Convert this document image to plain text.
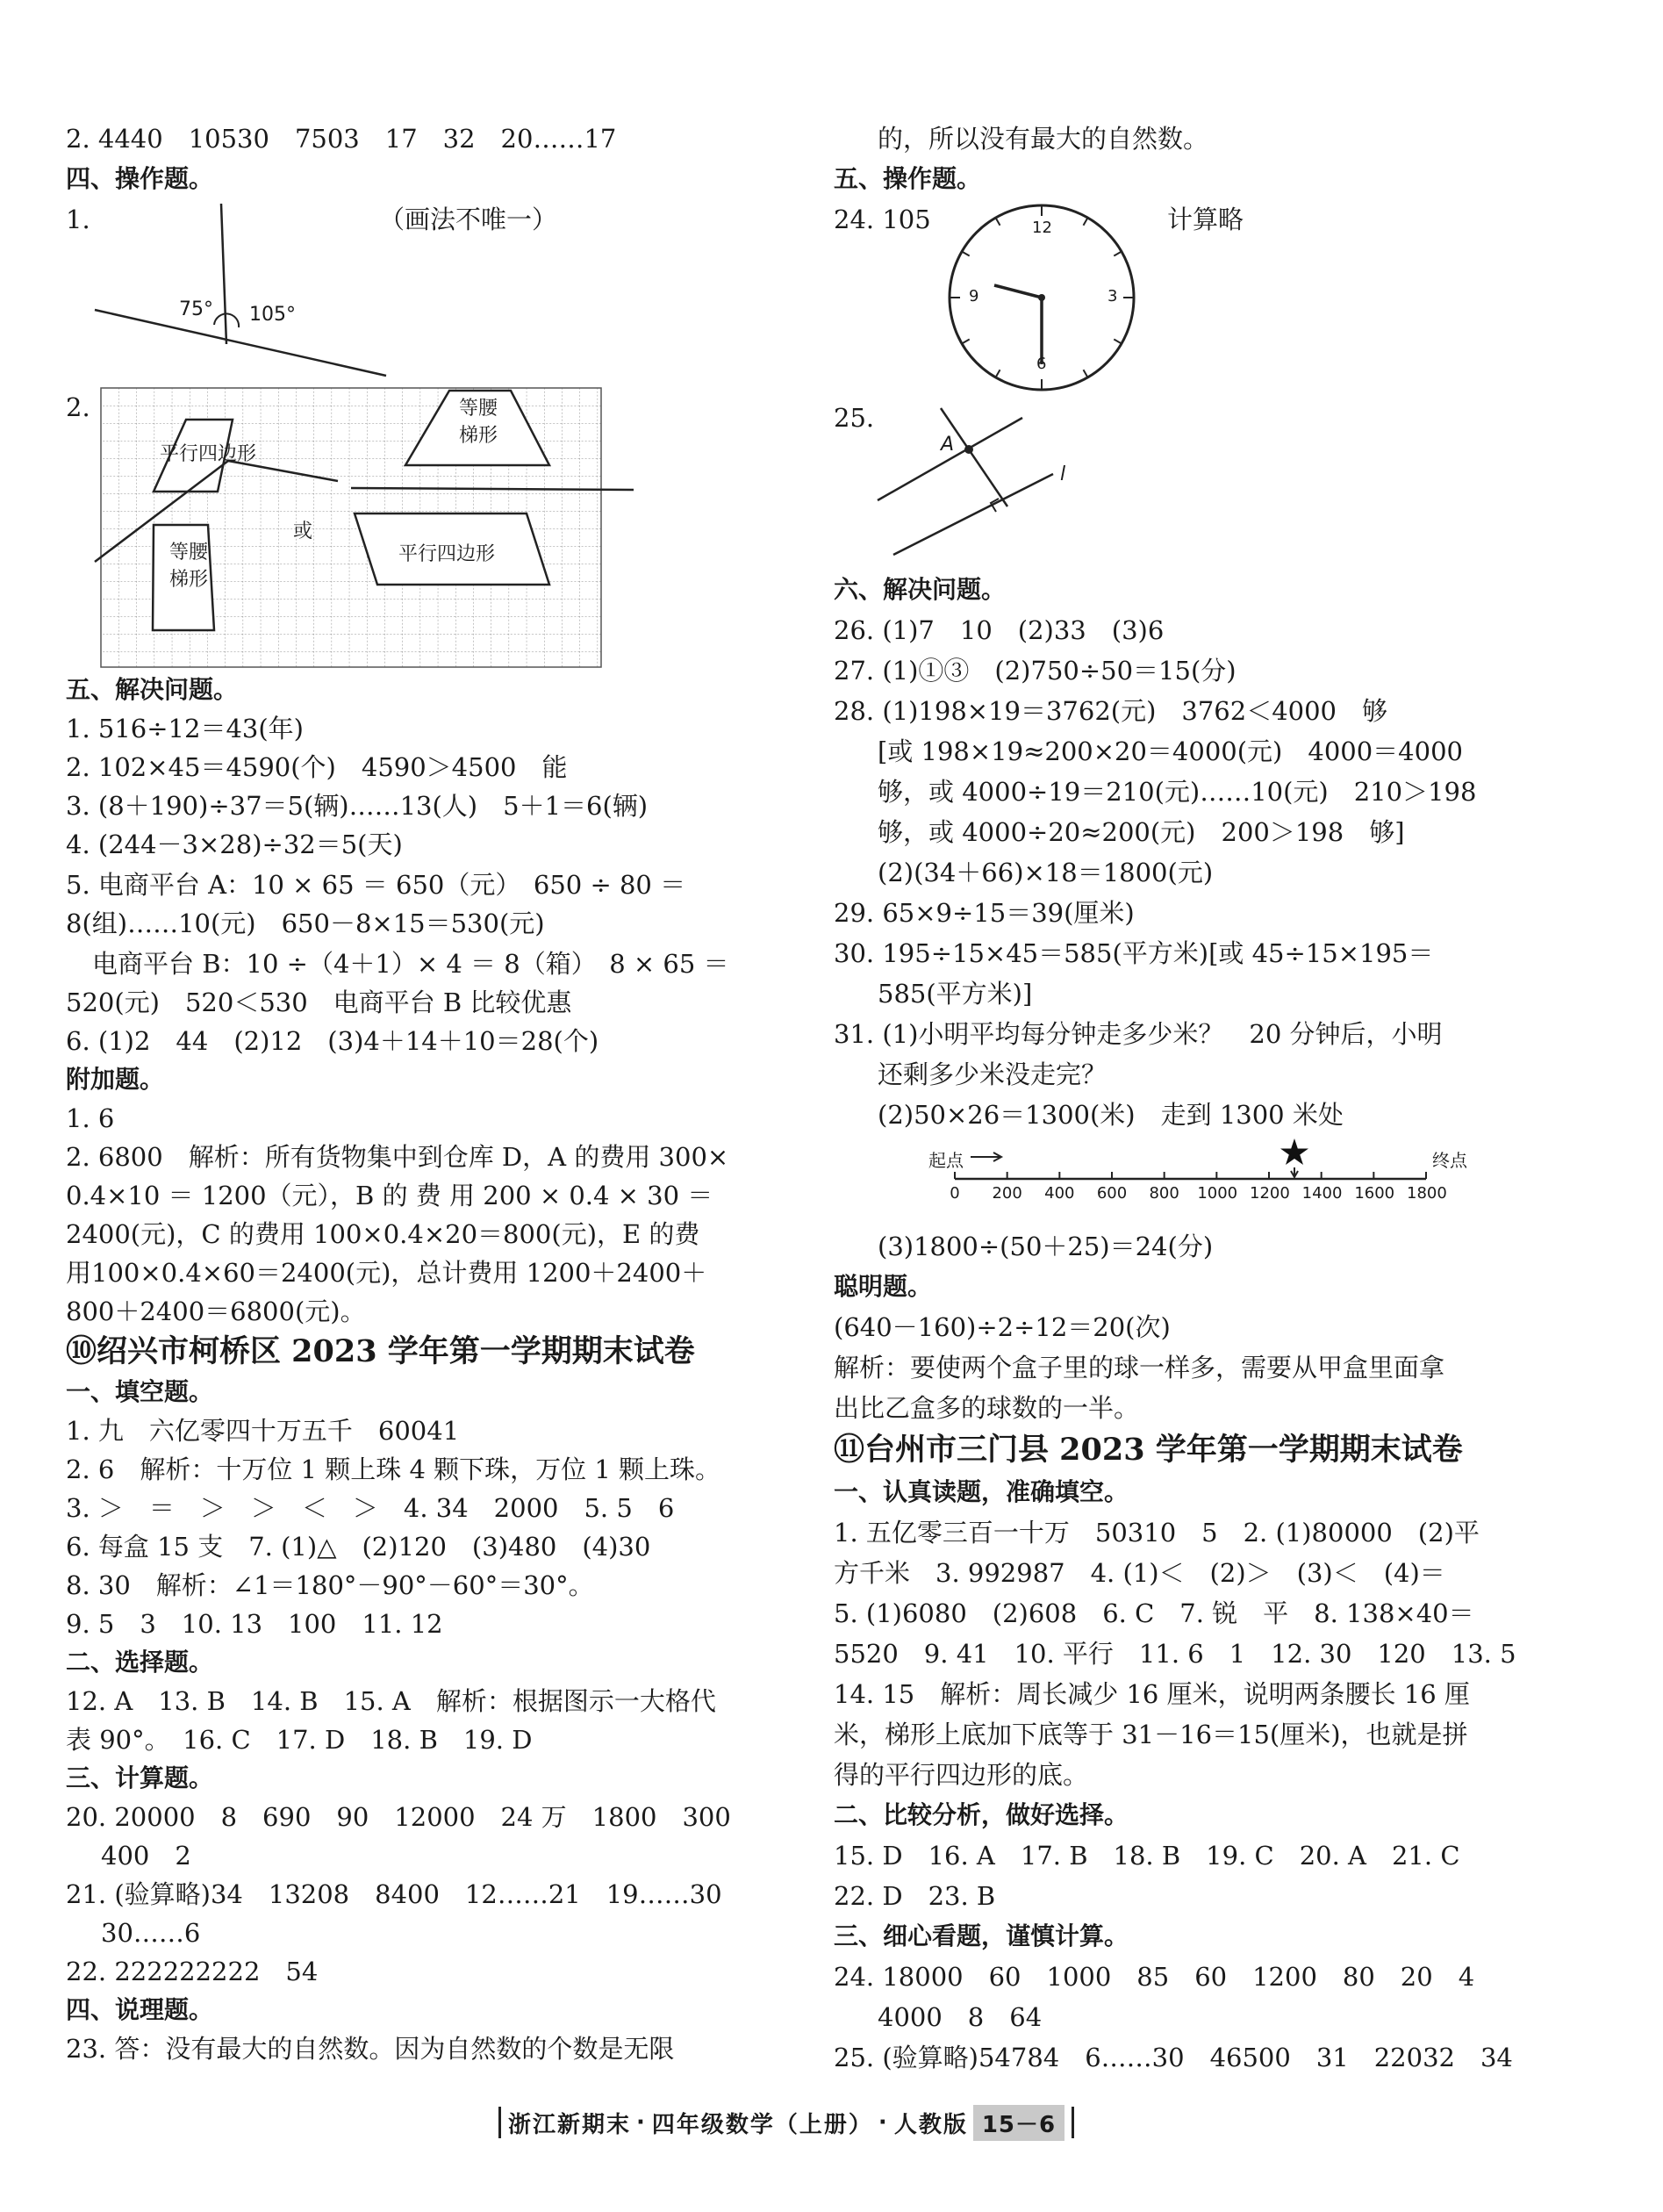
2. 4440　10530　7503　17　32　20……17
四、操作题。
1.	（画法不唯一）
75° 105°
2.
平行四边形
等腰梯形
或
等腰梯形
平行四边形
五、解决问题。
1. 516÷12＝43(年)
2. 102×45＝4590(个)　4590＞4500　能
3. (8＋190)÷37＝5(辆)……13(人)　5＋1＝6(辆)
4. (244－3×28)÷32＝5(天)
5. 电商平台 A：10 × 65 ＝ 650（元）　650 ÷ 80 ＝
8(组)……10(元)　650－8×15＝530(元)
电商平台 B：10 ÷（4＋1）× 4 ＝ 8（箱）　8 × 65 ＝
520(元)　520＜530　电商平台 B 比较优惠
6. (1)2　44　(2)12　(3)4＋14＋10＝28(个)
附加题。
1. 6
2. 6800　解析：所有货物集中到仓库 D，A 的费用 300×
0.4×10 ＝ 1200（元），B 的 费 用 200 × 0.4 × 30 ＝
2400(元)，C 的费用 100×0.4×20＝800(元)，E 的费
用100×0.4×60＝2400(元)，总计费用 1200＋2400＋
800＋2400＝6800(元)。
⑩绍兴市柯桥区 2023 学年第一学期期末试卷
一、填空题。
1. 九　六亿零四十万五千　60041
2. 6　解析：十万位 1 颗上珠 4 颗下珠，万位 1 颗上珠。
3. ＞　＝　＞　＞　＜　＞　4. 34　2000　5. 5　6
6. 每盒 15 支　7. (1)△　(2)120　(3)480　(4)30
8. 30　解析：∠1＝180°－90°－60°＝30°。
9. 5　3　10. 13　100　11. 12
二、选择题。
12. A　13. B　14. B　15. A　解析：根据图示一大格代
表 90°。　16. C　17. D　18. B　19. D
三、计算题。
20. 20000　8　690　90　12000　24 万　1800　300
400　2
21. (验算略)34　13208　8400　12……21　19……30
30……6
22. 222222222　54
四、说理题。
23. 答：没有最大的自然数。因为自然数的个数是无限
的，所以没有最大的自然数。
五、操作题。
24. 105	计算略
12
3
6
9
25.
A
l
六、解决问题。
26. (1)7　10　(2)33　(3)6
27. (1)①③　(2)750÷50＝15(分)
28. (1)198×19＝3762(元)　3762＜4000　够
[或 198×19≈200×20＝4000(元)　4000＝4000
够，或 4000÷19＝210(元)……10(元)　210＞198
够，或 4000÷20≈200(元)　200＞198　够]
(2)(34＋66)×18＝1800(元)
29. 65×9÷15＝39(厘米)
30. 195÷15×45＝585(平方米)[或 45÷15×195＝
585(平方米)]
31. (1)小明平均每分钟走多少米？　20 分钟后，小明
还剩多少米没走完？
(2)50×26＝1300(米)　走到 1300 米处
起点	终点
0	200 400 600 800 1000 1200 1400 1600 1800
(3)1800÷(50＋25)＝24(分)
聪明题。
(640－160)÷2÷12＝20(次)
解析：要使两个盒子里的球一样多，需要从甲盒里面拿
出比乙盒多的球数的一半。
⑪台州市三门县 2023 学年第一学期期末试卷
一、认真读题，准确填空。
1. 五亿零三百一十万　50310　5　2. (1)80000　(2)平
方千米　3. 992987　4. (1)＜　(2)＞　(3)＜　(4)＝
5. (1)6080　(2)608　6. C　7. 锐　平　8. 138×40＝
5520　9. 41　10. 平行　11. 6　1　12. 30　120　13. 5
14. 15　解析：周长减少 16 厘米，说明两条腰长 16 厘
米，梯形上底加下底等于 31－16＝15(厘米)，也就是拼
得的平行四边形的底。
二、比较分析，做好选择。
15. D　16. A　17. B　18. B　19. C　20. A　21. C
22. D　23. B
三、细心看题，谨慎计算。
24. 18000　60　1000　85　60　1200　80　20　4
4000　8　64
25. (验算略)54784　6……30　46500　31　22032　34
浙江新期末 · 四年级数学（上册） · 人教版 15－6
